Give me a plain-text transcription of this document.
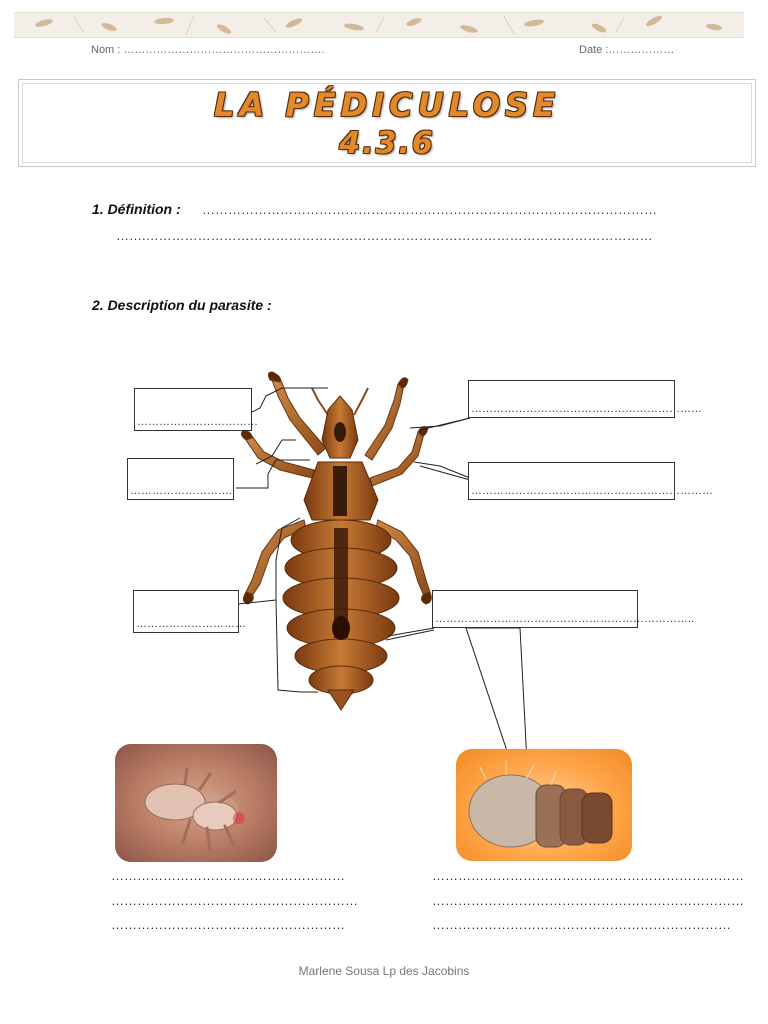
Nom : ……………………………………………….	Date :………………
LA PÉDICULOSE
4.3.6
1. Définition : ……………………………………………………………………………………………
…….………………………………………………………………………………………………………
2. Description du parasite :
……………………………
……………………….
…………………………
………………………………………………………
…………………………………………………………
……………………………………………………………..
………………………………………………
…………………………………………………
………………………………………………
………………………………………………………………
………………………………………………………………
……………………………………………………………
Marlene Sousa Lp des Jacobins
